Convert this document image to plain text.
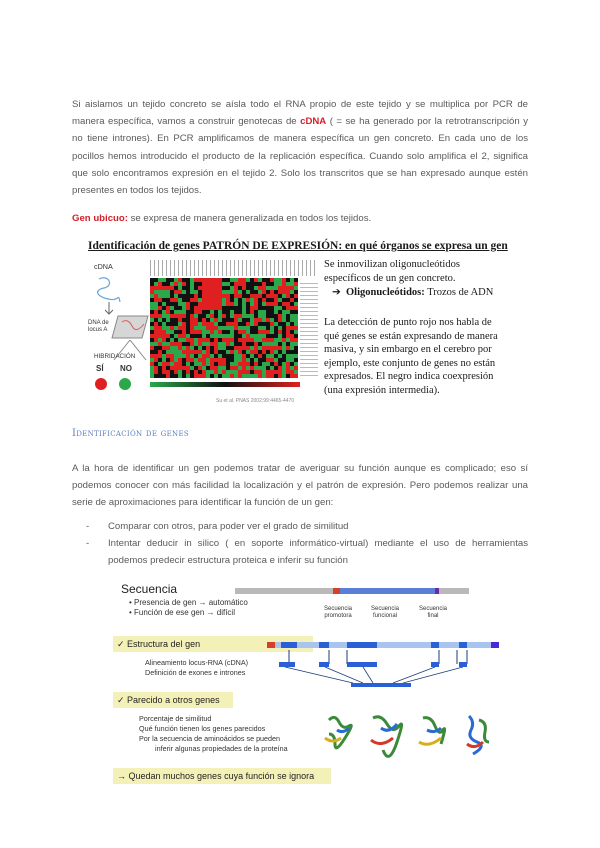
Si aislamos un tejido concreto se aísla todo el RNA propio de este tejido y se multiplica por PCR de manera específica, vamos a construir genotecas de cDNA ( = se ha generado por la retrotranscripción y no tiene intrones). En PCR amplificamos de manera específica un gen concreto. En cada uno de los pocillos hemos introducido el producto de la replicación específica. Cuando solo amplifica el 2, significa que solo encontramos expresión en el tejido 2. Solo los transcritos que se han expresado aunque estén presentes en todos los tejidos.
Gen ubicuo: se expresa de manera generalizada en todos los tejidos.
Identificación de genes PATRÓN DE EXPRESIÓN: en qué órganos se expresa un gen
cDNA
DNA de locus A
HIBRIDACIÓN
SÍ NO
Su et al. PNAS 2002;99:4465-4470
Se inmovilizan oligonucleótidos específicos de un gen concreto.
➔ Oligonucleótidos: Trozos de ADN
La detección de punto rojo nos habla de qué genes se están expresando de manera masiva, y sin embargo en el cerebro por ejemplo, este conjunto de genes no están expresados. El negro indica coexpresión (una expresión intermedia).
Identificación de genes
A la hora de identificar un gen podemos tratar de averiguar su función aunque es complicado; eso sí podemos conocer con más facilidad la localización y el patrón de expresión. Pero podemos realizar una serie de aproximaciones para identificar la función de un gen:
- Comparar con otros, para poder ver el grado de similitud
- Intentar deducir in silico ( en soporte informático-virtual) mediante el uso de herramientas podemos predecir estructura proteica e inferir su función
Secuencia
• Presencia de gen → automático
• Función de ese gen → difícil	Secuencia promotora
Secuencia funcional
Secuencia final
✓ Estructura del gen
Alineamiento locus-RNA (cDNA)
Definición de exones e intrones
✓ Parecido a otros genes
Porcentaje de similitud
Qué función tienen los genes parecidos
Por la secuencia de aminoácidos se pueden
inferir algunas propiedades de la proteína
→ Quedan muchos genes cuya función se ignora
